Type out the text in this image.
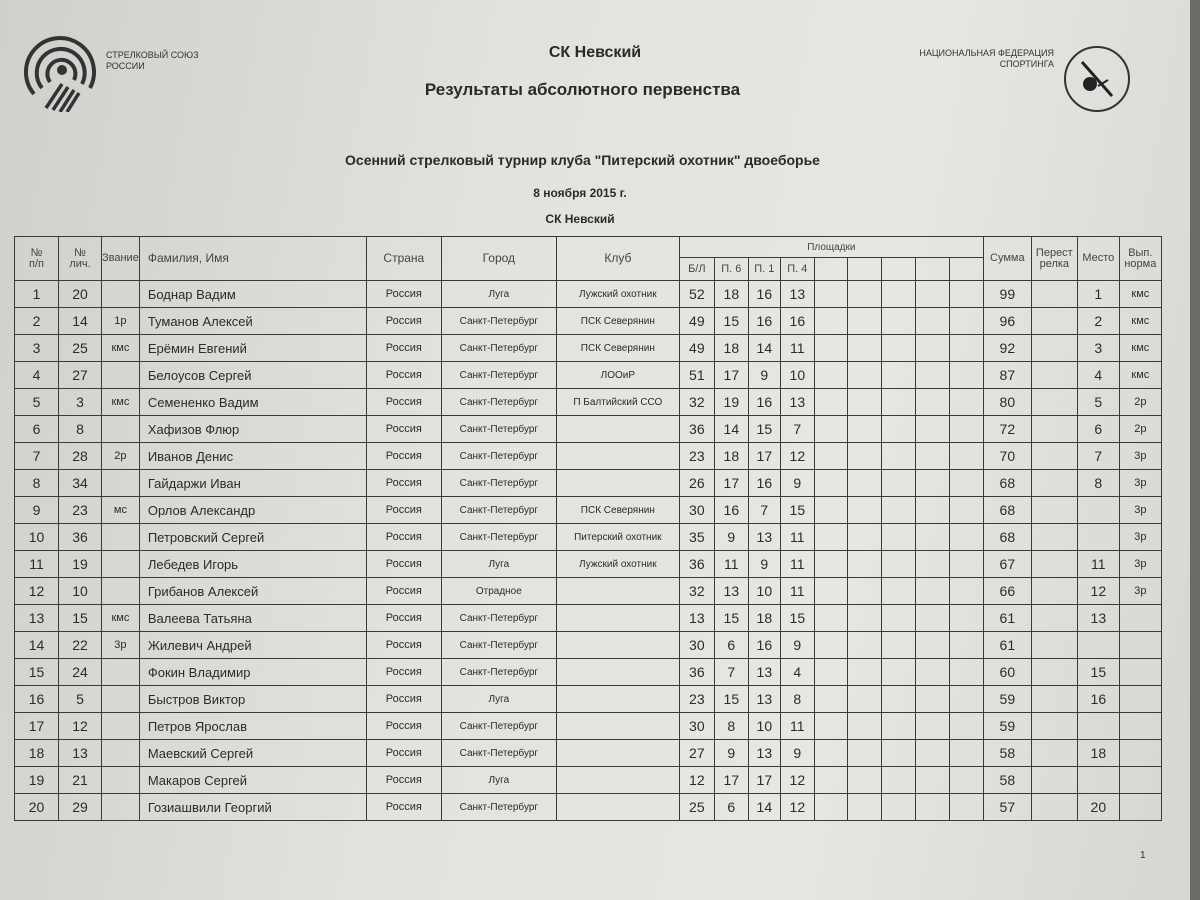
СТРЕЛКОВЫЙ СОЮЗ
РОССИИ
СК Невский
Результаты абсолютного первенства
НАЦИОНАЛЬНАЯ ФЕДЕРАЦИЯ
СПОРТИНГА
Осенний стрелковый турнир клуба "Питерский охотник" двоеборье
8 ноября 2015 г.
СК Невский
№
п/п	№
лич.	Звание	Фамилия, Имя	Страна	Город	Клуб	Площадки									Сумма	Перест
релка	Место	Вып.
норма
							Б/Л	П. 6	П. 1	П. 4									
1	20		Боднар Вадим	Россия	Луга	Лужский охотник	52	18	16	13						99		1	кмс
2	14	1р	Туманов Алексей	Россия	Санкт-Петербург	ПСК Северянин	49	15	16	16						96		2	кмс
3	25	кмс	Ерёмин Евгений	Россия	Санкт-Петербург	ПСК Северянин	49	18	14	11						92		3	кмс
4	27		Белоусов Сергей	Россия	Санкт-Петербург	ЛООиР	51	17	9	10						87		4	кмс
5	3	кмс	Семененко Вадим	Россия	Санкт-Петербург	П Балтийский ССО	32	19	16	13						80		5	2р
6	8		Хафизов Флюр	Россия	Санкт-Петербург		36	14	15	7						72		6	2р
7	28	2р	Иванов Денис	Россия	Санкт-Петербург		23	18	17	12						70		7	3р
8	34		Гайдаржи Иван	Россия	Санкт-Петербург		26	17	16	9						68		8	3р
9	23	мс	Орлов Александр	Россия	Санкт-Петербург	ПСК Северянин	30	16	7	15						68			3р
10	36		Петровский Сергей	Россия	Санкт-Петербург	Питерский охотник	35	9	13	11						68			3р
11	19		Лебедев Игорь	Россия	Луга	Лужский охотник	36	11	9	11						67		11	3р
12	10		Грибанов Алексей	Россия	Отрадное		32	13	10	11						66		12	3р
13	15	кмс	Валеева Татьяна	Россия	Санкт-Петербург		13	15	18	15						61		13	
14	22	3р	Жилевич Андрей	Россия	Санкт-Петербург		30	6	16	9						61			
15	24		Фокин Владимир	Россия	Санкт-Петербург		36	7	13	4						60		15	
16	5		Быстров Виктор	Россия	Луга		23	15	13	8						59		16	
17	12		Петров Ярослав	Россия	Санкт-Петербург		30	8	10	11						59			
18	13		Маевский Сергей	Россия	Санкт-Петербург		27	9	13	9						58		18	
19	21		Макаров Сергей	Россия	Луга		12	17	17	12						58			
20	29		Гозиашвили Георгий	Россия	Санкт-Петербург		25	6	14	12						57		20	
1
